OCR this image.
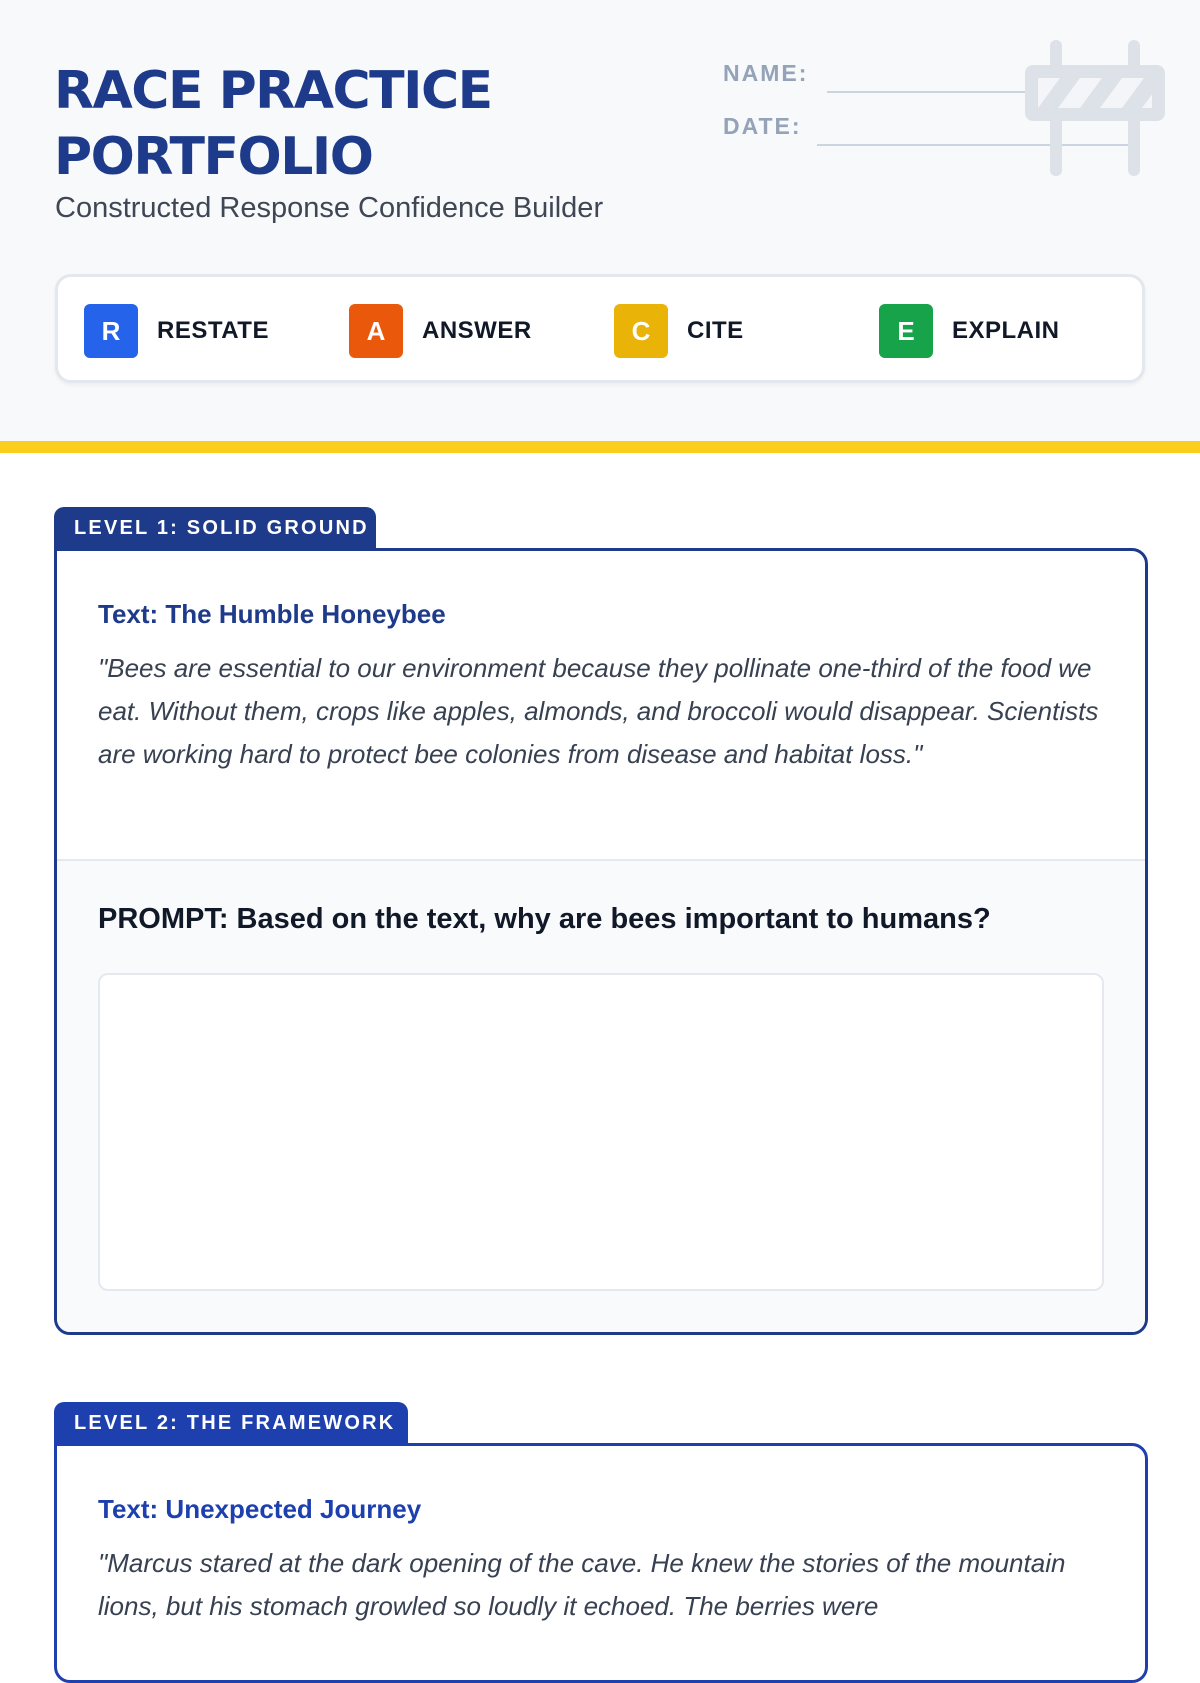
RACE PRACTICE
PORTFOLIO
Constructed Response Confidence Builder
NAME:
DATE:
R	RESTATE	A	ANSWER	C	CITE	E	EXPLAIN
LEVEL 1: SOLID GROUND
Text: The Humble Honeybee

"Bees are essential to our environment because they pollinate one-third of the food we eat. Without them, crops like apples, almonds, and broccoli would disappear. Scientists are working hard to protect bee colonies from disease and habitat loss."

PROMPT: Based on the text, why are bees important to humans?
LEVEL 2: THE FRAMEWORK
Text: Unexpected Journey

"Marcus stared at the dark opening of the cave. He knew the stories of the mountain lions, but his stomach growled so loudly it echoed. The berries were
